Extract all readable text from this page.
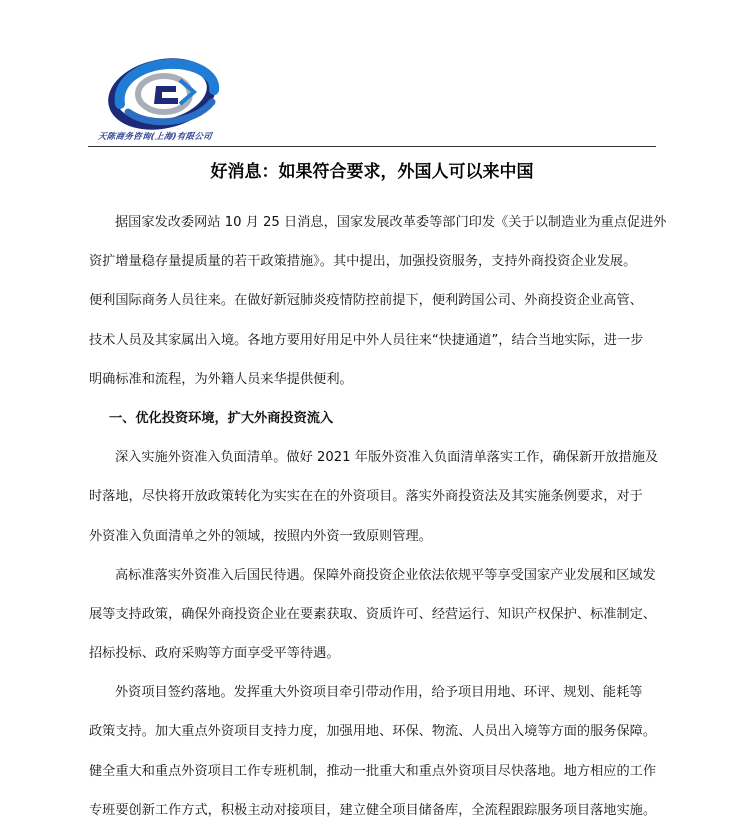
天陈商务咨询(上海)有限公司
好消息：如果符合要求，外国人可以来中国
据国家发改委网站 10 月 25 日消息，国家发展改革委等部门印发《关于以制造业为重点促进外
资扩增量稳存量提质量的若干政策措施》。其中提出，加强投资服务，支持外商投资企业发展。
便利国际商务人员往来。在做好新冠肺炎疫情防控前提下，便利跨国公司、外商投资企业高管、
技术人员及其家属出入境。各地方要用好用足中外人员往来“快捷通道”，结合当地实际，进一步
明确标准和流程，为外籍人员来华提供便利。
一、优化投资环境，扩大外商投资流入
深入实施外资准入负面清单。做好 2021 年版外资准入负面清单落实工作，确保新开放措施及
时落地，尽快将开放政策转化为实实在在的外资项目。落实外商投资法及其实施条例要求，对于
外资准入负面清单之外的领域，按照内外资一致原则管理。
高标准落实外资准入后国民待遇。保障外商投资企业依法依规平等享受国家产业发展和区域发
展等支持政策，确保外商投资企业在要素获取、资质许可、经营运行、知识产权保护、标准制定、
招标投标、政府采购等方面享受平等待遇。
外资项目签约落地。发挥重大外资项目牵引带动作用，给予项目用地、环评、规划、能耗等
政策支持。加大重点外资项目支持力度，加强用地、环保、物流、人员出入境等方面的服务保障。
健全重大和重点外资项目工作专班机制，推动一批重大和重点外资项目尽快落地。地方相应的工作
专班要创新工作方式，积极主动对接项目，建立健全项目储备库，全流程跟踪服务项目落地实施。
